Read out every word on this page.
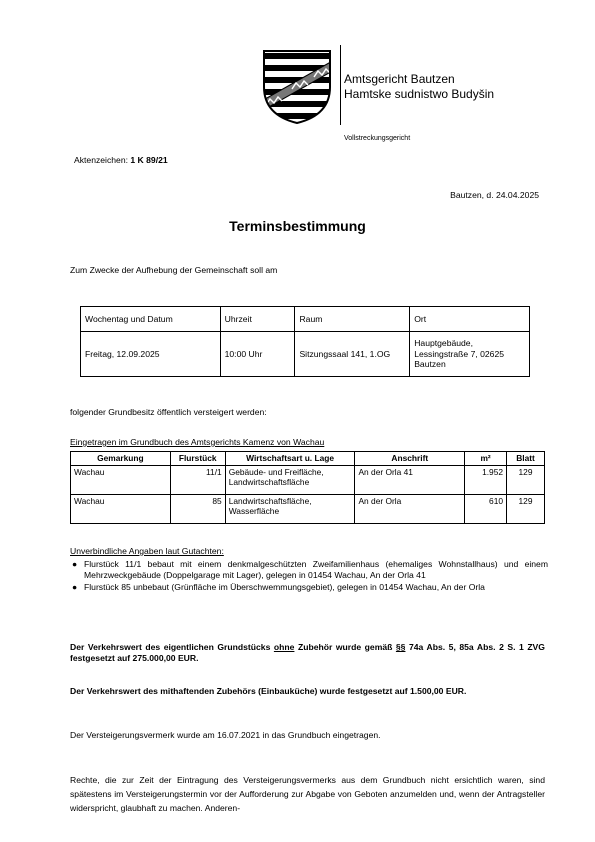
Amtsgericht Bautzen
Hamtske sudnistwo Budyšin
Vollstreckungsgericht
Aktenzeichen: 1 K 89/21
Bautzen, d. 24.04.2025
Terminsbestimmung
Zum Zwecke der Aufhebung der Gemeinschaft soll am
Wochentag und Datum	Uhrzeit	Raum	Ort
Freitag, 12.09.2025	10:00 Uhr	Sitzungssaal 141, 1.OG	Hauptgebäude, Lessingstraße 7, 02625 Bautzen
folgender Grundbesitz öffentlich versteigert werden:
Eingetragen im Grundbuch des Amtsgerichts Kamenz von Wachau
Gemarkung	Flurstück	Wirtschaftsart u. Lage	Anschrift	m²	Blatt
Wachau	11/1	Gebäude- und Freifläche, Landwirtschaftsfläche	An der Orla 41	1.952	129
Wachau	85	Landwirtschaftsfläche, Wasserfläche	An der Orla	610	129
Unverbindliche Angaben laut Gutachten:
● Flurstück 11/1 bebaut mit einem denkmalgeschützten Zweifamilienhaus (ehemaliges Wohnstallhaus) und einem Mehrzweckgebäude (Doppelgarage mit Lager), gelegen in 01454 Wachau, An der Orla 41
● Flurstück 85 unbebaut (Grünfläche im Überschwemmungsgebiet), gelegen in 01454 Wachau, An der Orla
Der Verkehrswert des eigentlichen Grundstücks ohne Zubehör wurde gemäß §§ 74a Abs. 5, 85a Abs. 2 S. 1 ZVG festgesetzt auf 275.000,00 EUR.
Der Verkehrswert des mithaftenden Zubehörs (Einbauküche) wurde festgesetzt auf 1.500,00 EUR.
Der Versteigerungsvermerk wurde am 16.07.2021 in das Grundbuch eingetragen.
Rechte, die zur Zeit der Eintragung des Versteigerungsvermerks aus dem Grundbuch nicht ersichtlich waren, sind spätestens im Versteigerungstermin vor der Aufforderung zur Abgabe von Geboten anzumelden und, wenn der Antragsteller widerspricht, glaubhaft zu machen. Anderen-
